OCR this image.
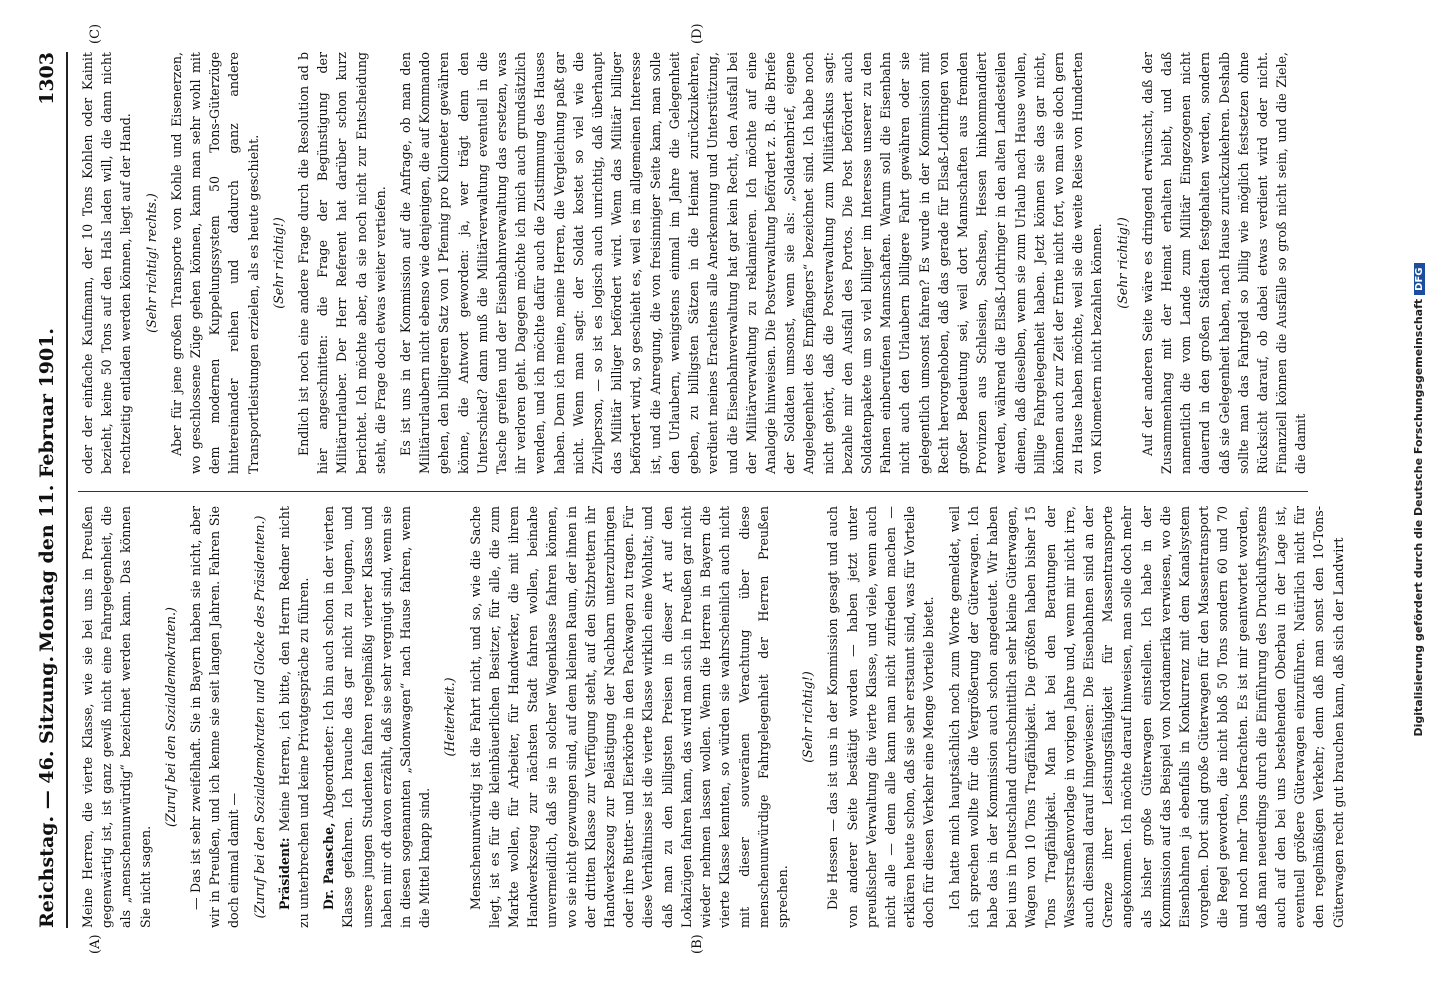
Reichstag. — 46. Sitzung.
Montag den 11. Februar 1901.
1303
(A)	(B)
(C)	(D)

Meine Herren, die vierte Klasse, wie sie bei uns in Preußen gegenwärtig ist, ist ganz gewiß nicht eine Fahrgelegenheit, die als „menschenunwürdig“ bezeichnet werden kann. Das können Sie nicht sagen.

(Zuruf bei den Sozialdemokraten.) — Das ist sehr zweifelhaft. Sie in Bayern haben sie nicht, aber wir in Preußen, und ich kenne sie seit langen Jahren. Fahren Sie doch einmal damit — (Zuruf bei den Sozialdemokraten und Glocke des Präsidenten.) Präsident: Meine Herren, ich bitte, den Herrn Redner nicht zu unterbrechen und keine Privatgespräche zu führen. Dr. Paasche, Abgeordneter: Ich bin auch schon in der vierten Klasse gefahren. Ich brauche das gar nicht zu leugnen, und unsere jungen Studenten fahren regelmäßig vierter Klasse und haben mir oft davon erzählt, daß sie sehr vergnügt sind, wenn sie in diesen sogenannten „Salonwagen“ nach Hause fahren, wenn die Mittel knapp sind.

(Heiterkeit.) Menschenunwürdig ist die Fahrt nicht, und so, wie die Sache liegt, ist es für die kleinbäuerlichen Besitzer, für alle, die zum Markte wollen, für Arbeiter, für Handwerker, die mit ihrem Handwerkszeug zur nächsten Stadt fahren wollen, beinahe unvermeidlich, daß sie in solcher Wagenklasse fahren können, wo sie nicht gezwungen sind, auf dem kleinen Raum, der ihnen in der dritten Klasse zur Verfügung steht, auf den Sitzbrettern ihr Handwerkszeug zur Belästigung der Nachbarn unterzubringen oder ihre Butter- und Eierkörbe in den Packwagen zu tragen. Für diese Verhältnisse ist die vierte Klasse wirklich eine Wohltat; und daß man zu den billigsten Preisen in dieser Art auf den Lokalzügen fahren kann, das wird man sich in Preußen gar nicht wieder nehmen lassen wollen. Wenn die Herren in Bayern die vierte Klasse kennten, so würden sie wahrscheinlich auch nicht mit dieser souveränen Verachtung über diese menschenunwürdige Fahrgelegenheit der Herren Preußen sprechen.

(Sehr richtig!) Die Hessen — das ist uns in der Kommission gesagt und auch von anderer Seite bestätigt worden — haben jetzt unter preußischer Verwaltung die vierte Klasse, und viele, wenn auch nicht alle — denn alle kann man nicht zufrieden machen — erklären heute schon, daß sie sehr erstaunt sind, was für Vorteile doch für diesen Verkehr eine Menge Vorteile bietet. Ich hatte mich hauptsächlich noch zum Worte gemeldet, weil ich sprechen wollte für die Vergrößerung der Güterwagen. Ich habe das in der Kommission auch schon angedeutet. Wir haben bei uns in Deutschland durchschnittlich sehr kleine Güterwagen, Wagen von 10 Tons Tragfähigkeit. Die größten haben bisher 15 Tons Tragfähigkeit. Man hat bei den Beratungen der Wasserstraßenvorlage in vorigen Jahre und, wenn mir nicht irre, auch diesmal darauf hingewiesen: Die Eisenbahnen sind an der Grenze ihrer Leistungsfähigkeit für Massentransporte angekommen. Ich möchte darauf hinweisen, man solle doch mehr als bisher große Güterwagen einstellen. Ich habe in der Kommission auf das Beispiel von Nordamerika verwiesen, wo die Eisenbahnen ja ebenfalls in Konkurrenz mit dem Kanalsystem vorgehen. Dort sind große Güterwagen für den Massentransport die Regel geworden, die nicht bloß 50 Tons sondern 60 und 70 und noch mehr Tons befrachten. Es ist mir geantwortet worden, daß man neuerdings durch die Einführung des Druckluftsystems auch auf den bei uns bestehenden Oberbau in der Lage ist, eventuell größere Güterwagen einzuführen. Natürlich nicht für den regelmäßigen Verkehr; denn daß man sonst den 10-Tons-Güterwagen recht gut brauchen kann, daß sich der Landwirt

oder der einfache Kaufmann, der 10 Tons Kohlen oder Kainit bezieht, keine 50 Tons auf den Hals laden will, die dann nicht rechtzeitig entladen werden können, liegt auf der Hand. (Sehr richtig! rechts.) Aber für jene großen Transporte von Kohle und Eisenerzen, wo geschlossene Züge gehen können, kann man sehr wohl mit dem modernen Kuppelungssystem 50 Tons-Güterzüge hintereinander reihen und dadurch ganz andere Transportleistungen erzielen, als es heute geschieht. (Sehr richtig!) Endlich ist noch eine andere Frage durch die Resolution ad b hier angeschnitten: die Frage der Begünstigung der Militärurlauber. Der Herr Referent hat darüber schon kurz berichtet. Ich möchte aber, da sie noch nicht zur Entscheidung steht, die Frage doch etwas weiter vertiefen. Es ist uns in der Kommission auf die Anfrage, ob man den Militärurlaubern nicht ebenso wie denjenigen, die auf Kommando gehen, den billigeren Satz von 1 Pfennig pro Kilometer gewähren könne, die Antwort geworden: ja, wer trägt denn den Unterschied? dann muß die Militärverwaltung eventuell in die Tasche greifen und der Eisenbahnverwaltung das ersetzen, was ihr verloren geht. Dagegen möchte ich mich auch grundsätzlich wenden, und ich möchte dafür auch die Zustimmung des Hauses haben. Denn ich meine, meine Herren, die Vergleichung paßt gar nicht. Wenn man sagt: der Soldat kostet so viel wie die Zivilperson, — so ist es logisch auch unrichtig, daß überhaupt das Militär billiger befördert wird. Wenn das Militär billiger befördert wird, so geschieht es, weil es im allgemeinen Interesse ist, und die Anregung, die von freisinniger Seite kam, man solle den Urlaubern, wenigstens einmal im Jahre die Gelegenheit geben, zu billigsten Sätzen in die Heimat zurückzukehren, verdient meines Erachtens alle Anerkennung und Unterstützung, und die Eisenbahnverwaltung hat gar kein Recht, den Ausfall bei der Militärverwaltung zu reklamieren. Ich möchte auf eine Analogie hinweisen. Die Postverwaltung befördert z. B. die Briefe der Soldaten umsonst, wenn sie als: „Soldatenbrief, eigene Angelegenheit des Empfängers“ bezeichnet sind. Ich habe noch nicht gehört, daß die Postverwaltung zum Militärfiskus sagt: bezahle mir den Ausfall des Portos. Die Post befördert auch Soldatenpakete um so viel billiger im Interesse unserer zu den Fahnen einberufenen Mannschaften. Warum soll die Eisenbahn nicht auch den Urlaubern billigere Fahrt gewähren oder sie gelegentlich umsonst fahren? Es wurde in der Kommission mit Recht hervorgehoben, daß das gerade für Elsaß-Lothringen von großer Bedeutung sei, weil dort Mannschaften aus fremden Provinzen aus Schlesien, Sachsen, Hessen hinkommandiert werden, während die Elsaß-Lothringer in den alten Landesteilen dienen, daß dieselben, wenn sie zum Urlaub nach Hause wollen, billige Fahrgelegenheit haben. Jetzt können sie das gar nicht, können auch zur Zeit der Ernte nicht fort, wo man sie doch gern zu Hause haben möchte, weil sie die weite Reise von Hunderten von Kilometern nicht bezahlen können. (Sehr richtig!) Auf der anderen Seite wäre es dringend erwünscht, daß der Zusammenhang mit der Heimat erhalten bleibt, und daß namentlich die vom Lande zum Militär Eingezogenen nicht dauernd in den großen Städten festgehalten werden, sondern daß sie Gelegenheit haben, nach Hause zurückzukehren. Deshalb sollte man das Fahrgeld so billig wie möglich festsetzen ohne Rücksicht darauf, ob dabei etwas verdient wird oder nicht. Finanziell können die Ausfälle so groß nicht sein, und die Ziele, die damit	Digitalisierung gefördert durch die Deutsche ForschungsgemeinschaftDFG
